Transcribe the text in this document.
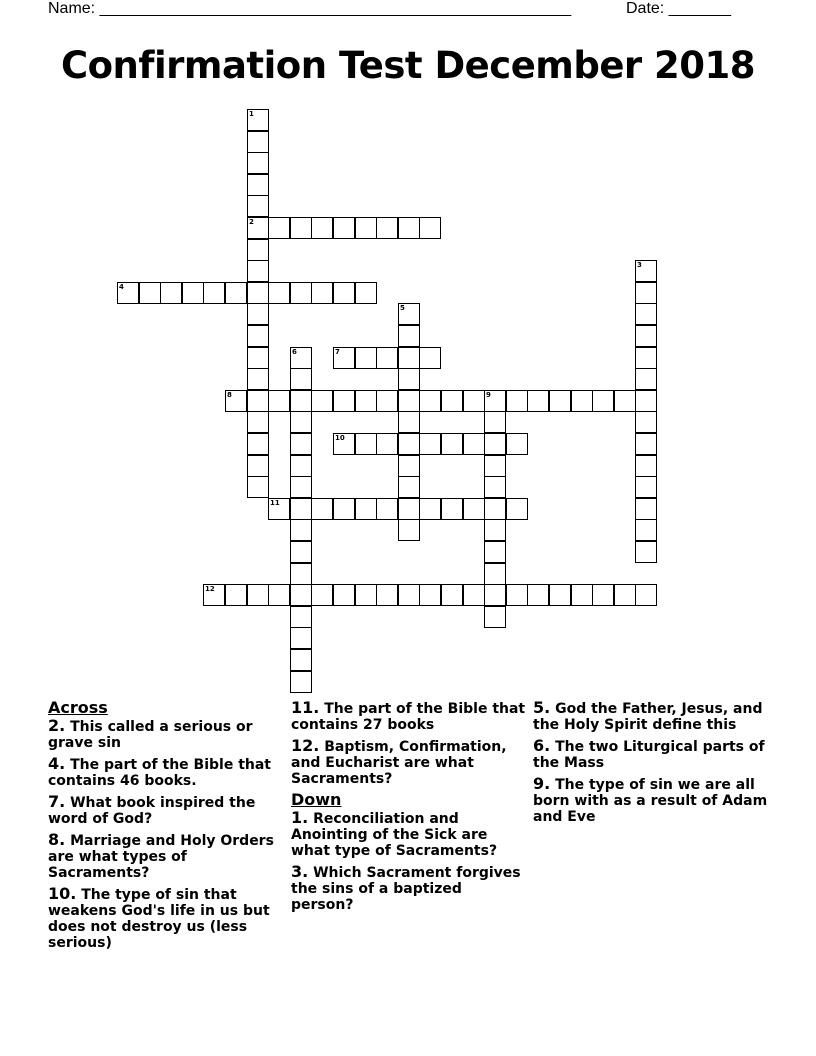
Name: _____________________________________________________	Date: _______
Confirmation Test December 2018
1
2
3
4
5
6	7
8	9
10
11
12
Across
2. This called a serious or grave sin
4. The part of the Bible that contains 46 books.
7. What book inspired the word of God?
8. Marriage and Holy Orders are what types of Sacraments?
10. The type of sin that weakens God's life in us but does not destroy us (less serious)
11. The part of the Bible that contains 27 books
12. Baptism, Confirmation, and Eucharist are what Sacraments?
Down
1. Reconciliation and Anointing of the Sick are what type of Sacraments?
3. Which Sacrament forgives the sins of a baptized person?
5. God the Father, Jesus, and the Holy Spirit define this
6. The two Liturgical parts of the Mass
9. The type of sin we are all born with as a result of Adam and Eve
